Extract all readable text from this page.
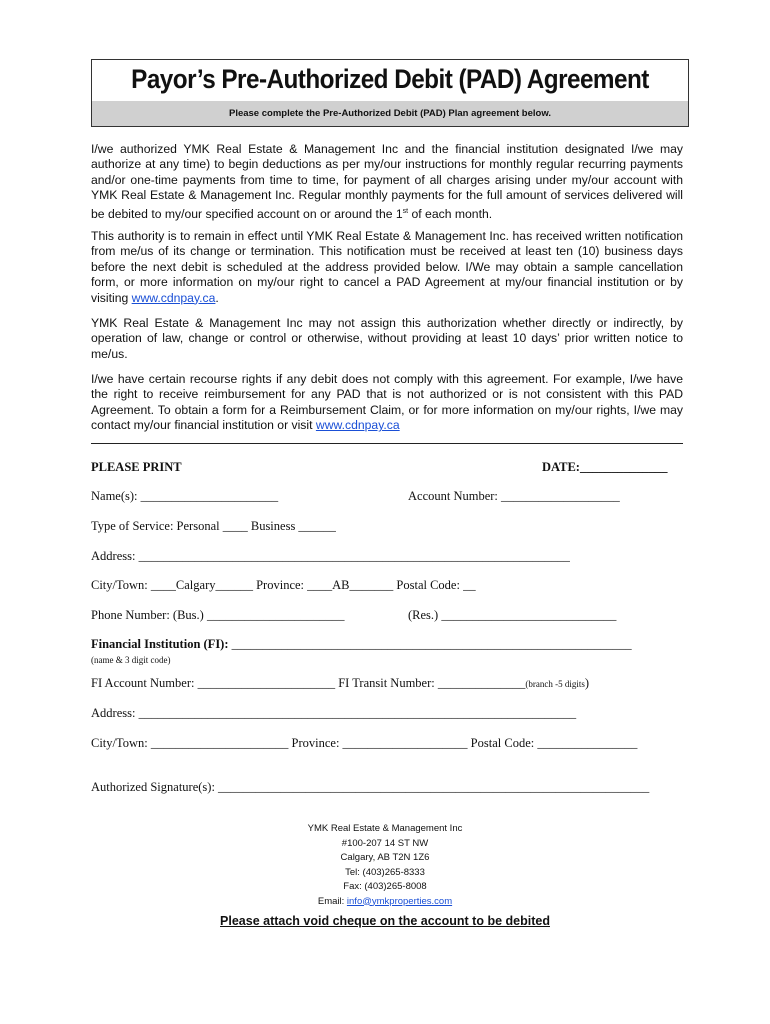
Payor’s Pre-Authorized Debit (PAD) Agreement
Please complete the Pre-Authorized Debit (PAD) Plan agreement below.

I/we authorized YMK Real Estate & Management Inc and the financial institution designated I/we may authorize at any time) to begin deductions as per my/our instructions for monthly regular recurring payments and/or one-time payments from time to time, for payment of all charges arising under my/our account with YMK Real Estate & Management Inc. Regular monthly payments for the full amount of services delivered will be debited to my/our specified account on or around the 1st of each month.

This authority is to remain in effect until YMK Real Estate & Management Inc. has received written notification from me/us of its change or termination. This notification must be received at least ten (10) business days before the next debit is scheduled at the address provided below. I/We may obtain a sample cancellation form, or more information on my/our right to cancel a PAD Agreement at my/our financial institution or by visiting www.cdnpay.ca.

YMK Real Estate & Management Inc may not assign this authorization whether directly or indirectly, by operation of law, change or control or otherwise, without providing at least 10 days’ prior written notice to me/us.

I/we have certain recourse rights if any debit does not comply with this agreement. For example, I/we have the right to receive reimbursement for any PAD that is not authorized or is not consistent with this PAD Agreement. To obtain a form for a Reimbursement Claim, or for more information on my/our rights, I/we may contact my/our financial institution or visit www.cdnpay.ca

PLEASE PRINT	DATE:______________
Name(s): ______________________	Account Number: ___________________
Type of Service: Personal ____ Business ______
Address: _____________________________________________________________________
City/Town: ____Calgary______ Province: ____AB_______ Postal Code: __
Phone Number: (Bus.) ______________________	(Res.) ____________________________
Financial Institution (FI): ________________________________________________________________
(name & 3 digit code)
FI Account Number: ______________________ FI Transit Number: ______________(branch -5 digits)
Address: ______________________________________________________________________
City/Town: ______________________ Province: ____________________ Postal Code: ________________
Authorized Signature(s): _____________________________________________________________________
YMK Real Estate & Management Inc
#100-207 14 ST NW
Calgary, AB T2N 1Z6
Tel: (403)265-8333
Fax: (403)265-8008
Email: info@ymkproperties.com
Please attach void cheque on the account to be debited
